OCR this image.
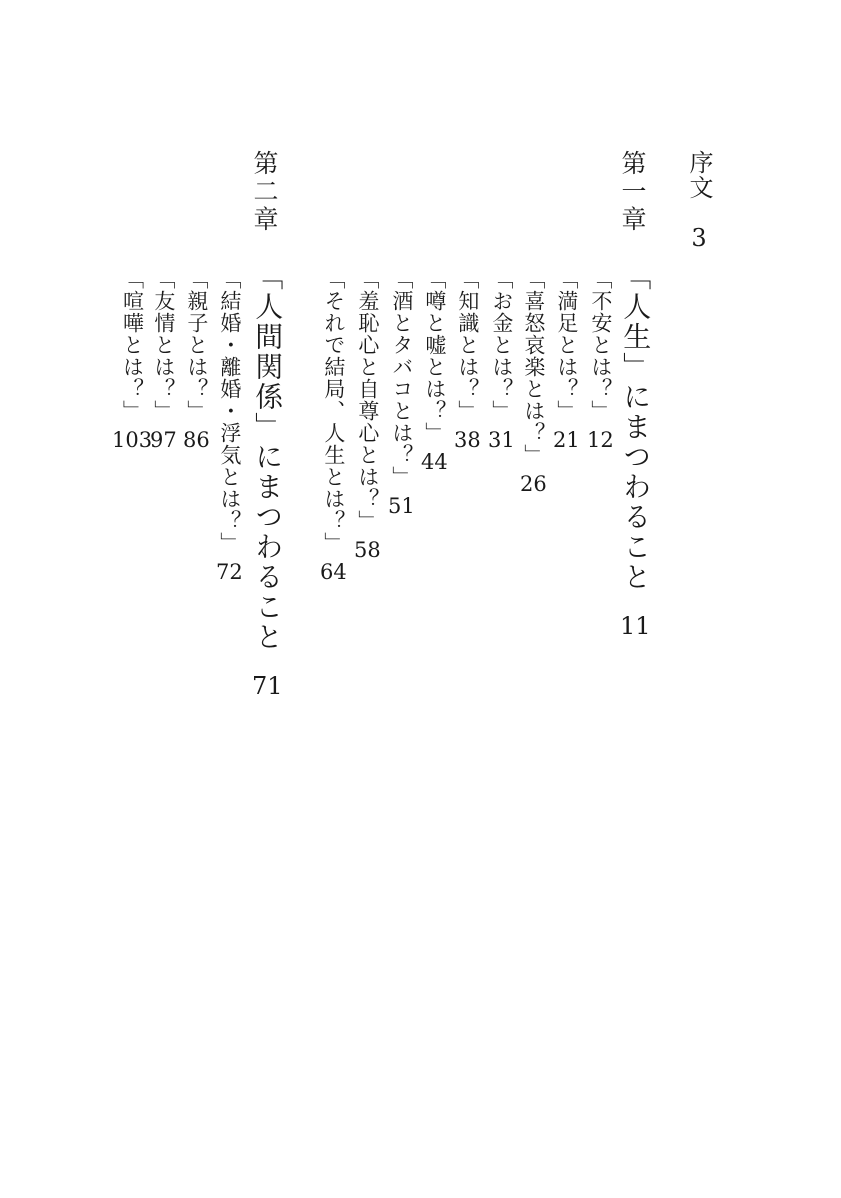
序文
3
第一章
「人生」にまつわること
11
「不安とは？」
12
「満足とは？」
21
「喜怒哀楽とは？」
26
「お金とは？」
31
「知識とは？」
38
「噂と嘘とは？」
44
「酒とタバコとは？」
51
「羞恥心と自尊心とは？」
58
「それで結局、人生とは？」
64
第二章
「人間関係」にまつわること
71
「結婚・離婚・浮気とは？」
72
「親子とは？」
86
「友情とは？」
97
「喧嘩とは？」
103
